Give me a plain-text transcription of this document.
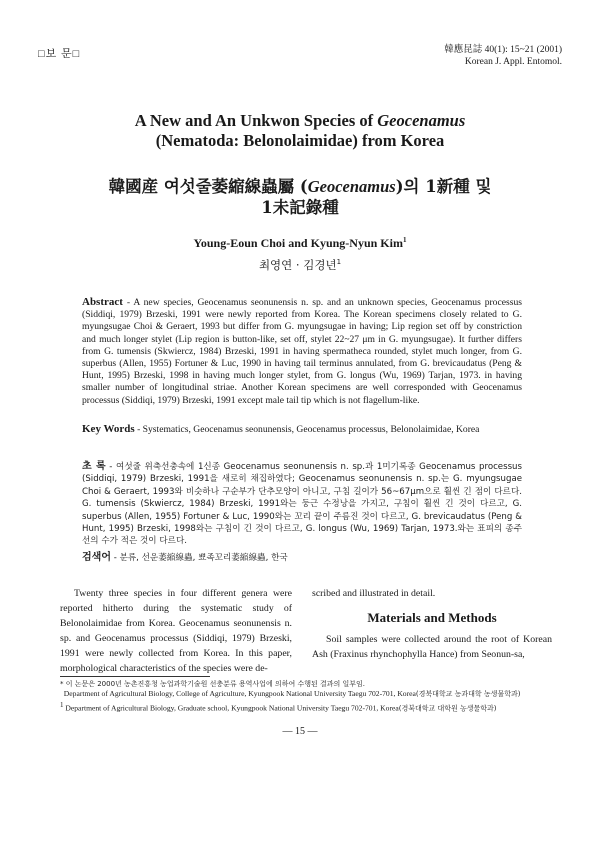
□보 문□	韓應昆誌 40(1): 15~21 (2001)
Korean J. Appl. Entomol.
A New and An Unkwon Species of Geocenamus
(Nematoda: Belonolaimidae) from Korea
韓國産 여섯줄萎縮線蟲屬 (Geocenamus)의 1新種 및
1未記錄種
Young-Eoun Choi and Kyung-Nyun Kim$^1$
최영연 · 김경년$^1$
Abstract - A new species, Geocenamus seonunensis n. sp. and an unknown species, Geocenamus processus (Siddiqi, 1979) Brzeski, 1991 were newly reported from Korea. The Korean specimens closely related to G. myungsugae Choi & Geraert, 1993 but differ from G. myungsugae in having; Lip region set off by constriction and much longer stylet (Lip region is button-like, set off, stylet 22~27 μm in G. myungsugae). It further differs from G. tumensis (Skwiercz, 1984) Brzeski, 1991 in having spermatheca rounded, stylet much longer, from G. superbus (Allen, 1955) Fortuner & Luc, 1990 in having tail terminus annulated, from G. brevicaudatus (Peng & Hunt, 1995) Brzeski, 1998 in having much longer stylet, from G. longus (Wu, 1969) Tarjan, 1973. in having smaller number of longitudinal striae. Another Korean specimens are well corresponded with Geocenamus processus (Siddiqi, 1979) Brzeski, 1991 except male tail tip which is not flagellum-like.
Key Words - Systematics, Geocenamus seonunensis, Geocenamus processus, Belonolaimidae, Korea
초 록 - 여섯줄 위축선충속에 1신종 Geocenamus seonunensis n. sp.과 1미기록종 Geocenamus processus (Siddiqi, 1979) Brzeski, 1991을 새로히 채집하였다; Geocenamus seonunensis n. sp.는 G. myungsugae Choi & Geraert, 1993와 비슷하나 구순부가 단추모양이 아니고, 구침 길이가 56~67μm으로 훨씬 긴 점이 다르다. G. tumensis (Skwiercz, 1984) Brzeski, 1991와는 둥근 수정낭을 가지고, 구침이 훨씬 긴 것이 다르고, G. superbus (Allen, 1955) Fortuner & Luc, 1990와는 꼬리 끝이 주름진 것이 다르고, G. brevicaudatus (Peng & Hunt, 1995) Brzeski, 1998와는 구침이 긴 것이 다르고, G. longus (Wu, 1969) Tarjan, 1973.와는 표피의 종주선의 수가 적은 것이 다르다.
검색어 - 분류, 선운萎縮線蟲, 뾰족꼬리萎縮線蟲, 한국
Twenty three species in four different genera were reported hitherto during the systematic study of Belonolaimidae from Korea. Geocenamus seonunensis n. sp. and Geocenamus processus (Siddiqi, 1979) Brzeski, 1991 were newly collected from Korea. In this paper, morphological characteristics of the species were de-
scribed and illustrated in detail.
Materials and Methods
Soil samples were collected around the root of Korean Ash (Fraxinus rhynchophylla Hance) from Seonun-sa,
* 이 논문은 2000년 농촌진흥청 농업과학기술원 선충분류 용역사업에 의하여 수행된 결과의 일부임.
Department of Agricultural Biology, College of Agriculture, Kyungpook National University Taegu 702-701, Korea(경북대학교 농과대학 농생물학과)
$^1$ Department of Agricultural Biology, Graduate school, Kyungpook National University Taegu 702-701, Korea(경북대학교 대학원 농생물학과)
— 15 —
